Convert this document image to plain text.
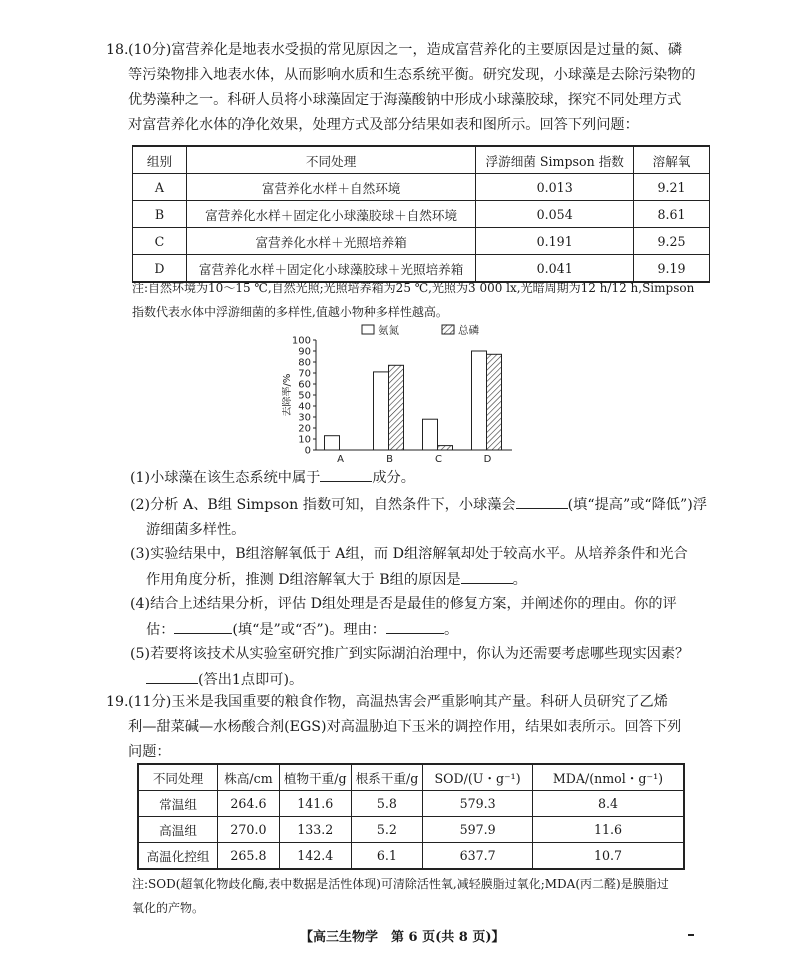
18. (10分)富营养化是地表水受损的常见原因之一，造成富营养化的主要原因是过量的氮、磷

等污染物排入地表水体，从而影响水质和生态系统平衡。研究发现，小球藻是去除污染物的

优势藻种之一。科研人员将小球藻固定于海藻酸钠中形成小球藻胶球，探究不同处理方式

对富营养化水体的净化效果，处理方式及部分结果如表和图所示。回答下列问题：

组别	不同处理	浮游细菌 Simpson 指数	溶解氧
A	富营养化水样＋自然环境	0.013	9.21
B	富营养化水样＋固定化小球藻胶球＋自然环境	0.054	8.61
C	富营养化水样＋光照培养箱	0.191	9.25
D	富营养化水样＋固定化小球藻胶球＋光照培养箱	0.041	9.19
注:自然环境为10～15 ℃,自然光照;光照培养箱为25 ℃,光照为3 000 lx,光暗周期为12 h/12 h,Simpson
指数代表水体中浮游细菌的多样性,值越小物种多样性越高。
氨氮	总磷
0
10
20
30
40
50
60
70
80
90
100
去除率/%
A	B	C	D
(1)小球藻在该生态系统中属于	成分。
(2)分析 A、B组 Simpson 指数可知，自然条件下，小球藻会	(填“提高”或“降低”)浮
游细菌多样性。
(3)实验结果中，B组溶解氧低于 A组，而 D组溶解氧却处于较高水平。从培养条件和光合
作用角度分析，推测 D组溶解氧大于 B组的原因是	。
(4)结合上述结果分析，评估 D组处理是否是最佳的修复方案，并阐述你的理由。你的评
估：	(填“是”或“否”)。理由：	。
(5)若要将该技术从实验室研究推广到实际湖泊治理中，你认为还需要考虑哪些现实因素？
(答出1点即可)。
19. (11分)玉米是我国重要的粮食作物，高温热害会严重影响其产量。科研人员研究了乙烯

利—甜菜碱—水杨酸合剂(EGS)对高温胁迫下玉米的调控作用，结果如表所示。回答下列

问题：

不同处理	株高/cm	植物干重/g	根系干重/g	SOD/(U・g⁻¹)	MDA/(nmol・g⁻¹)
常温组	264.6	141.6	5.8	579.3	8.4
高温组	270.0	133.2	5.2	597.9	11.6
高温化控组	265.8	142.4	6.1	637.7	10.7
注:SOD(超氧化物歧化酶,表中数据是活性体现)可清除活性氧,减轻膜脂过氧化;MDA(丙二醛)是膜脂过
氧化的产物。
【高三生物学　第 6 页(共 8 页)】
